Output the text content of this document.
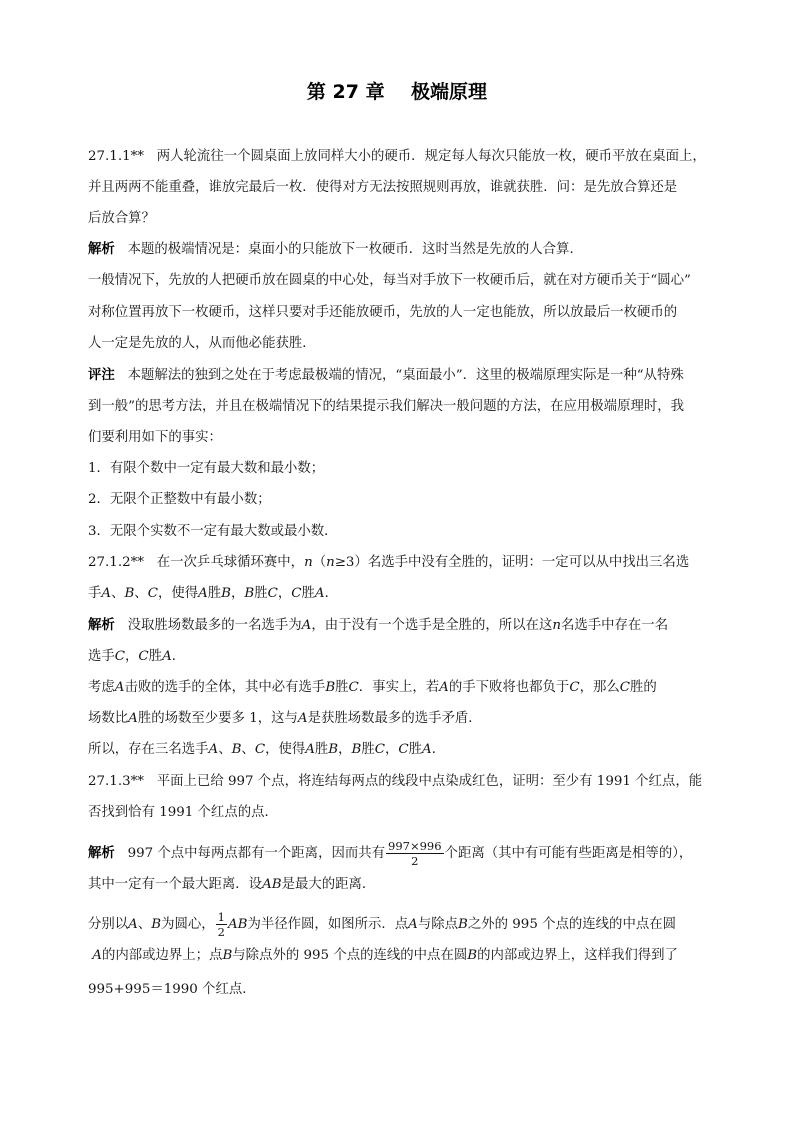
第 27 章    极端原理
27.1.1** 两人轮流往一个圆桌面上放同样大小的硬币．规定每人每次只能放一枚，硬币平放在桌面上，
并且两两不能重叠，谁放完最后一枚．使得对方无法按照规则再放，谁就获胜．问：是先放合算还是
后放合算？
解析 本题的极端情况是：桌面小的只能放下一枚硬币．这时当然是先放的人合算．
一般情况下，先放的人把硬币放在圆桌的中心处，每当对手放下一枚硬币后，就在对方硬币关于“圆心”
对称位置再放下一枚硬币，这样只要对手还能放硬币，先放的人一定也能放，所以放最后一枚硬币的
人一定是先放的人，从而他必能获胜．
评注 本题解法的独到之处在于考虑最极端的情况，“桌面最小”．这里的极端原理实际是一种“从特殊
到一般”的思考方法，并且在极端情况下的结果提示我们解决一般问题的方法，在应用极端原理时，我
们要利用如下的事实：
1．有限个数中一定有最大数和最小数；
2．无限个正整数中有最小数；
3．无限个实数不一定有最大数或最小数．
27.1.2** 在一次乒乓球循环赛中，n（n≥3）名选手中没有全胜的，证明：一定可以从中找出三名选
手A、B、C，使得A胜B，B胜C，C胜A．
解析 没取胜场数最多的一名选手为A，由于没有一个选手是全胜的，所以在这n名选手中存在一名
选手C，C胜A．
考虑A击败的选手的全体，其中必有选手B胜C．事实上，若A的手下败将也都负于C，那么C胜的
场数比A胜的场数至少要多 1，这与A是获胜场数最多的选手矛盾．
所以，存在三名选手A、B、C，使得A胜B，B胜C，C胜A．
27.1.3** 平面上已给 997 个点，将连结每两点的线段中点染成红色，证明：至少有 1991 个红点，能
否找到恰有 1991 个红点的点．
解析 997 个点中每两点都有一个距离，因而共有 $\frac{997\times 996}{2}$ 个距离（其中有可能有些距离是相等的），
其中一定有一个最大距离．设AB是最大的距离．
分别以A、B为圆心， $\frac{1}{2}$ AB为半径作圆，如图所示．点A与除点B之外的 995 个点的连线的中点在圆
A的内部或边界上；点B与除点外的 995 个点的连线的中点在圆B的内部或边界上，这样我们得到了
995+995＝1990 个红点．
